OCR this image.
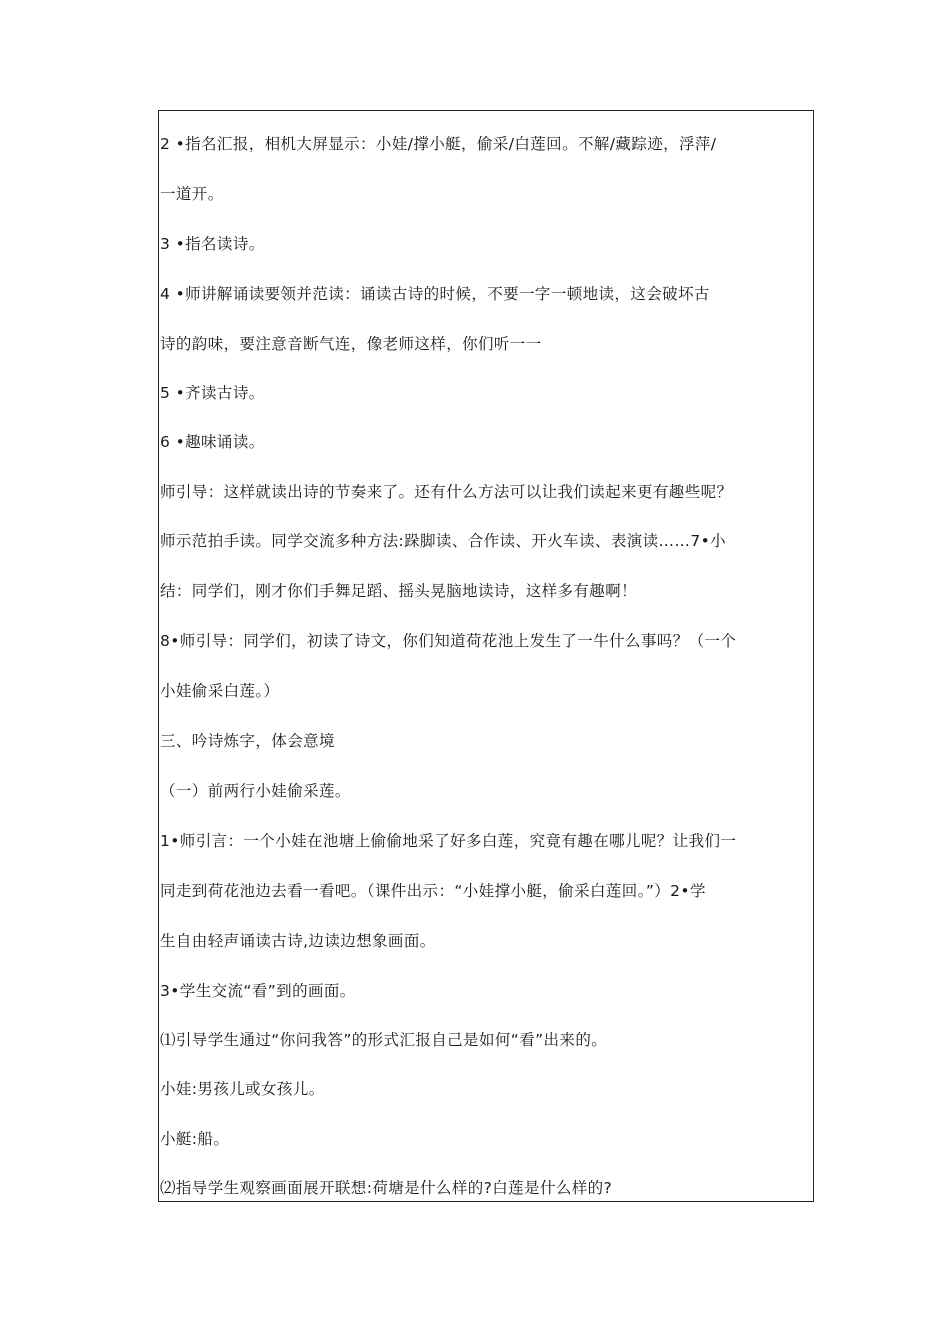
2 •指名汇报，相机大屏显示：小娃/撑小艇，偷采/白莲回。不解/藏踪迹，浮萍/
一道开。
3 •指名读诗。
4 •师讲解诵读要领并范读：诵读古诗的时候，不要一字一顿地读，这会破坏古
诗的韵味，要注意音断气连，像老师这样，你们听一一
5 •齐读古诗。
6 •趣味诵读。
师引导：这样就读出诗的节奏来了。还有什么方法可以让我们读起来更有趣些呢？
师示范拍手读。同学交流多种方法:跺脚读、合作读、开火车读、表演读……7•小
结：同学们，刚才你们手舞足蹈、摇头晃脑地读诗，这样多有趣啊！
8•师引导：同学们，初读了诗文，你们知道荷花池上发生了一牛什么事吗？（一个
小娃偷采白莲。）
三、吟诗炼字，体会意境
（一）前两行小娃偷采莲。
1•师引言：一个小娃在池塘上偷偷地采了好多白莲，究竟有趣在哪儿呢？让我们一
同走到荷花池边去看一看吧。（课件出示：“小娃撑小艇，偷采白莲回。”）2•学
生自由轻声诵读古诗,边读边想象画面。
3•学生交流“看”到的画面。
⑴引导学生通过“你问我答”的形式汇报自己是如何“看”出来的。
小娃:男孩儿或女孩儿。
小艇:船。
⑵指导学生观察画面展开联想:荷塘是什么样的?白莲是什么样的?
